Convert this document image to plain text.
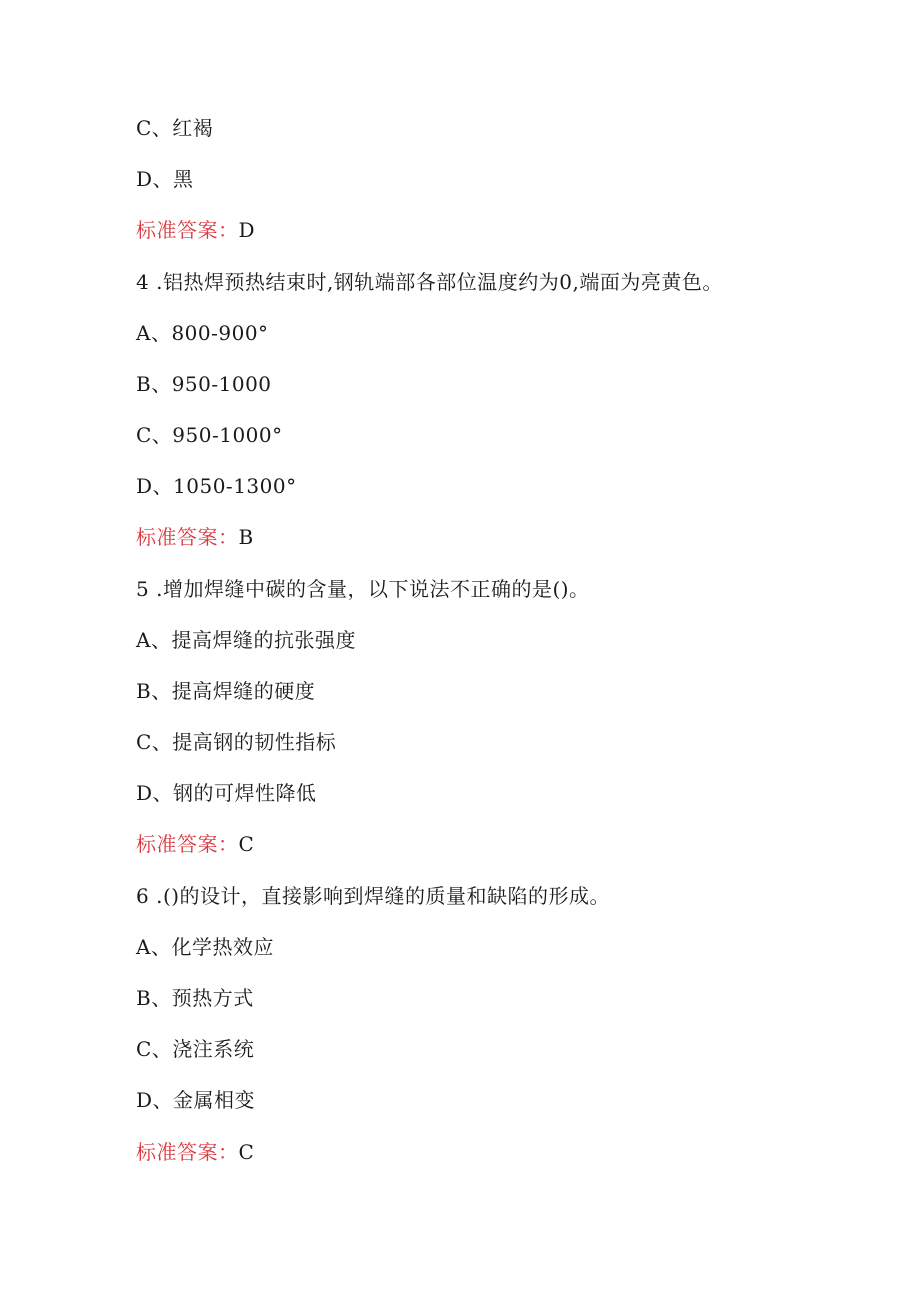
C、红褐
D、黑
标准答案：D
4 .铝热焊预热结束时,钢轨端部各部位温度约为0,端面为亮黄色。
A、800-900°
B、950-1000
C、950-1000°
D、1050-1300°
标准答案：B
5 .增加焊缝中碳的含量，以下说法不正确的是()。
A、提高焊缝的抗张强度
B、提高焊缝的硬度
C、提高钢的韧性指标
D、钢的可焊性降低
标准答案：C
6 .()的设计，直接影响到焊缝的质量和缺陷的形成。
A、化学热效应
B、预热方式
C、浇注系统
D、金属相变
标准答案：C
